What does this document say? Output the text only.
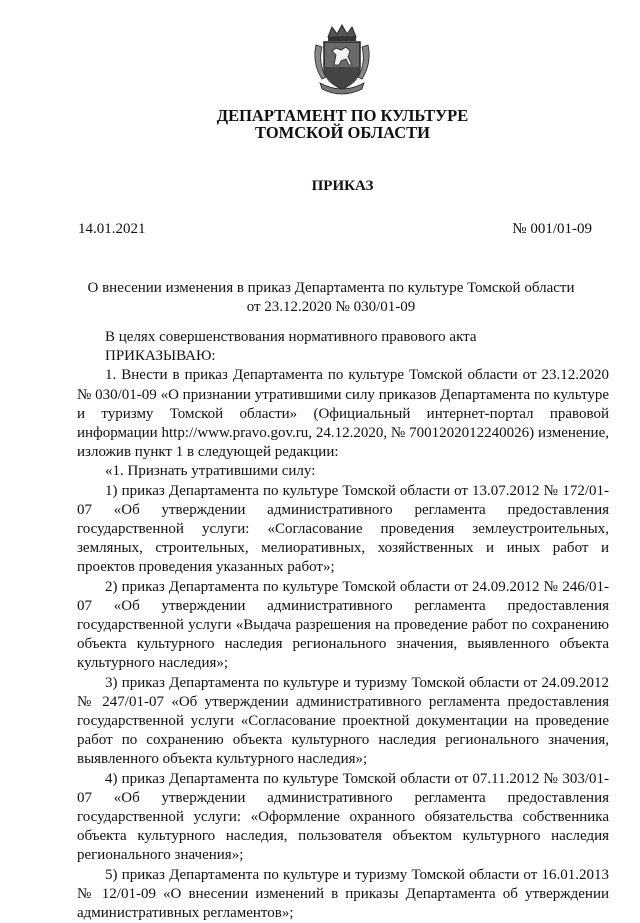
ДЕПАРТАМЕНТ ПО КУЛЬТУРЕ
ТОМСКОЙ ОБЛАСТИ
ПРИКАЗ
14.01.2021	№ 001/01-09
О внесении изменения в приказ Департамента по культуре Томской области
от 23.12.2020 № 030/01-09

В целях совершенствования нормативного правового акта

ПРИКАЗЫВАЮ:

1. Внести в приказ Департамента по культуре Томской области от 23.12.2020 № 030/01-09 «О признании утратившими силу приказов Департамента по культуре и туризму Томской области» (Официальный интернет-портал правовой информации http://www.pravo.gov.ru, 24.12.2020, № 7001202012240026) изменение, изложив пункт 1 в следующей редакции:

«1. Признать утратившими силу:

1) приказ Департамента по культуре Томской области от 13.07.2012 № 172/01-07 «Об утверждении административного регламента предоставления государственной услуги: «Согласование проведения землеустроительных, земляных, строительных, мелиоративных, хозяйственных и иных работ и проектов проведения указанных работ»;

2) приказ Департамента по культуре Томской области от 24.09.2012 № 246/01-07 «Об утверждении административного регламента предоставления государственной услуги «Выдача разрешения на проведение работ по сохранению объекта культурного наследия регионального значения, выявленного объекта культурного наследия»;

3) приказ Департамента по культуре и туризму Томской области от 24.09.2012 № 247/01-07 «Об утверждении административного регламента предоставления государственной услуги «Согласование проектной документации на проведение работ по сохранению объекта культурного наследия регионального значения, выявленного объекта культурного наследия»;

4) приказ Департамента по культуре Томской области от 07.11.2012 № 303/01-07 «Об утверждении административного регламента предоставления государственной услуги: «Оформление охранного обязательства собственника объекта культурного наследия, пользователя объектом культурного наследия регионального значения»;

5) приказ Департамента по культуре и туризму Томской области от 16.01.2013 № 12/01-09 «О внесении изменений в приказы Департамента об утверждении административных регламентов»;
